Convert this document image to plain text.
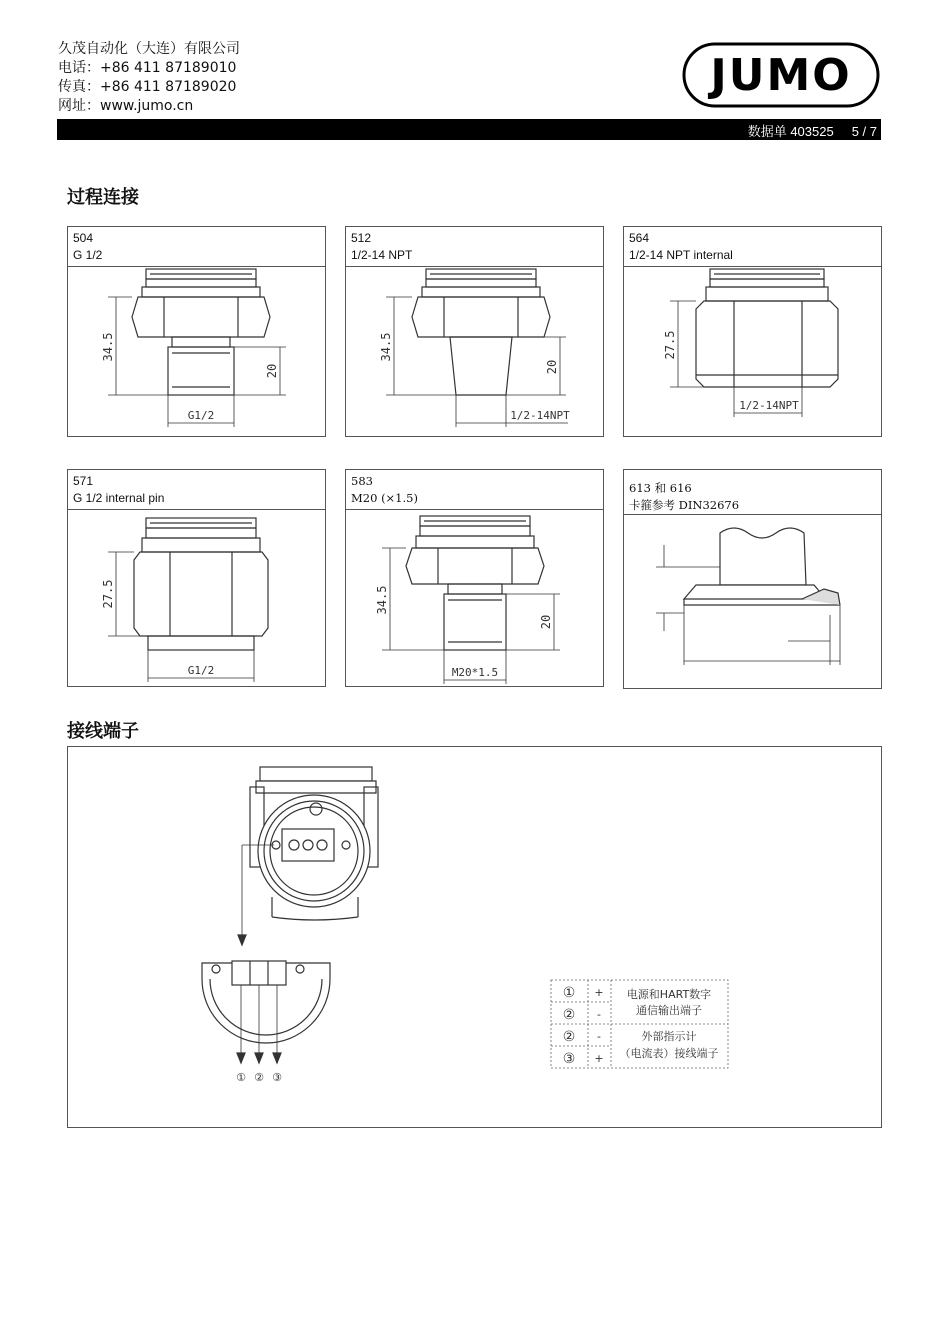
久茂自动化（大连）有限公司
电话：+86 411 87189010
传真：+86 411 87189020
网址：www.jumo.cn
JUMO
数据单 403525 5 / 7
过程连接
504
G 1/2
34.5
20
G1/2
512
1/2-14 NPT
34.5
20
1/2-14NPT
564
1/2-14 NPT internal
27.5
1/2-14NPT
571
G 1/2 internal pin
27.5
G1/2
583
M20 (×1.5)
34.5
20
M20*1.5
613 和 616
卡箍参考 DIN32676
接线端子
① ② ③
① +
② -
② -
③ +
电源和HART数字
通信输出端子
外部指示计
（电流表）接线端子
